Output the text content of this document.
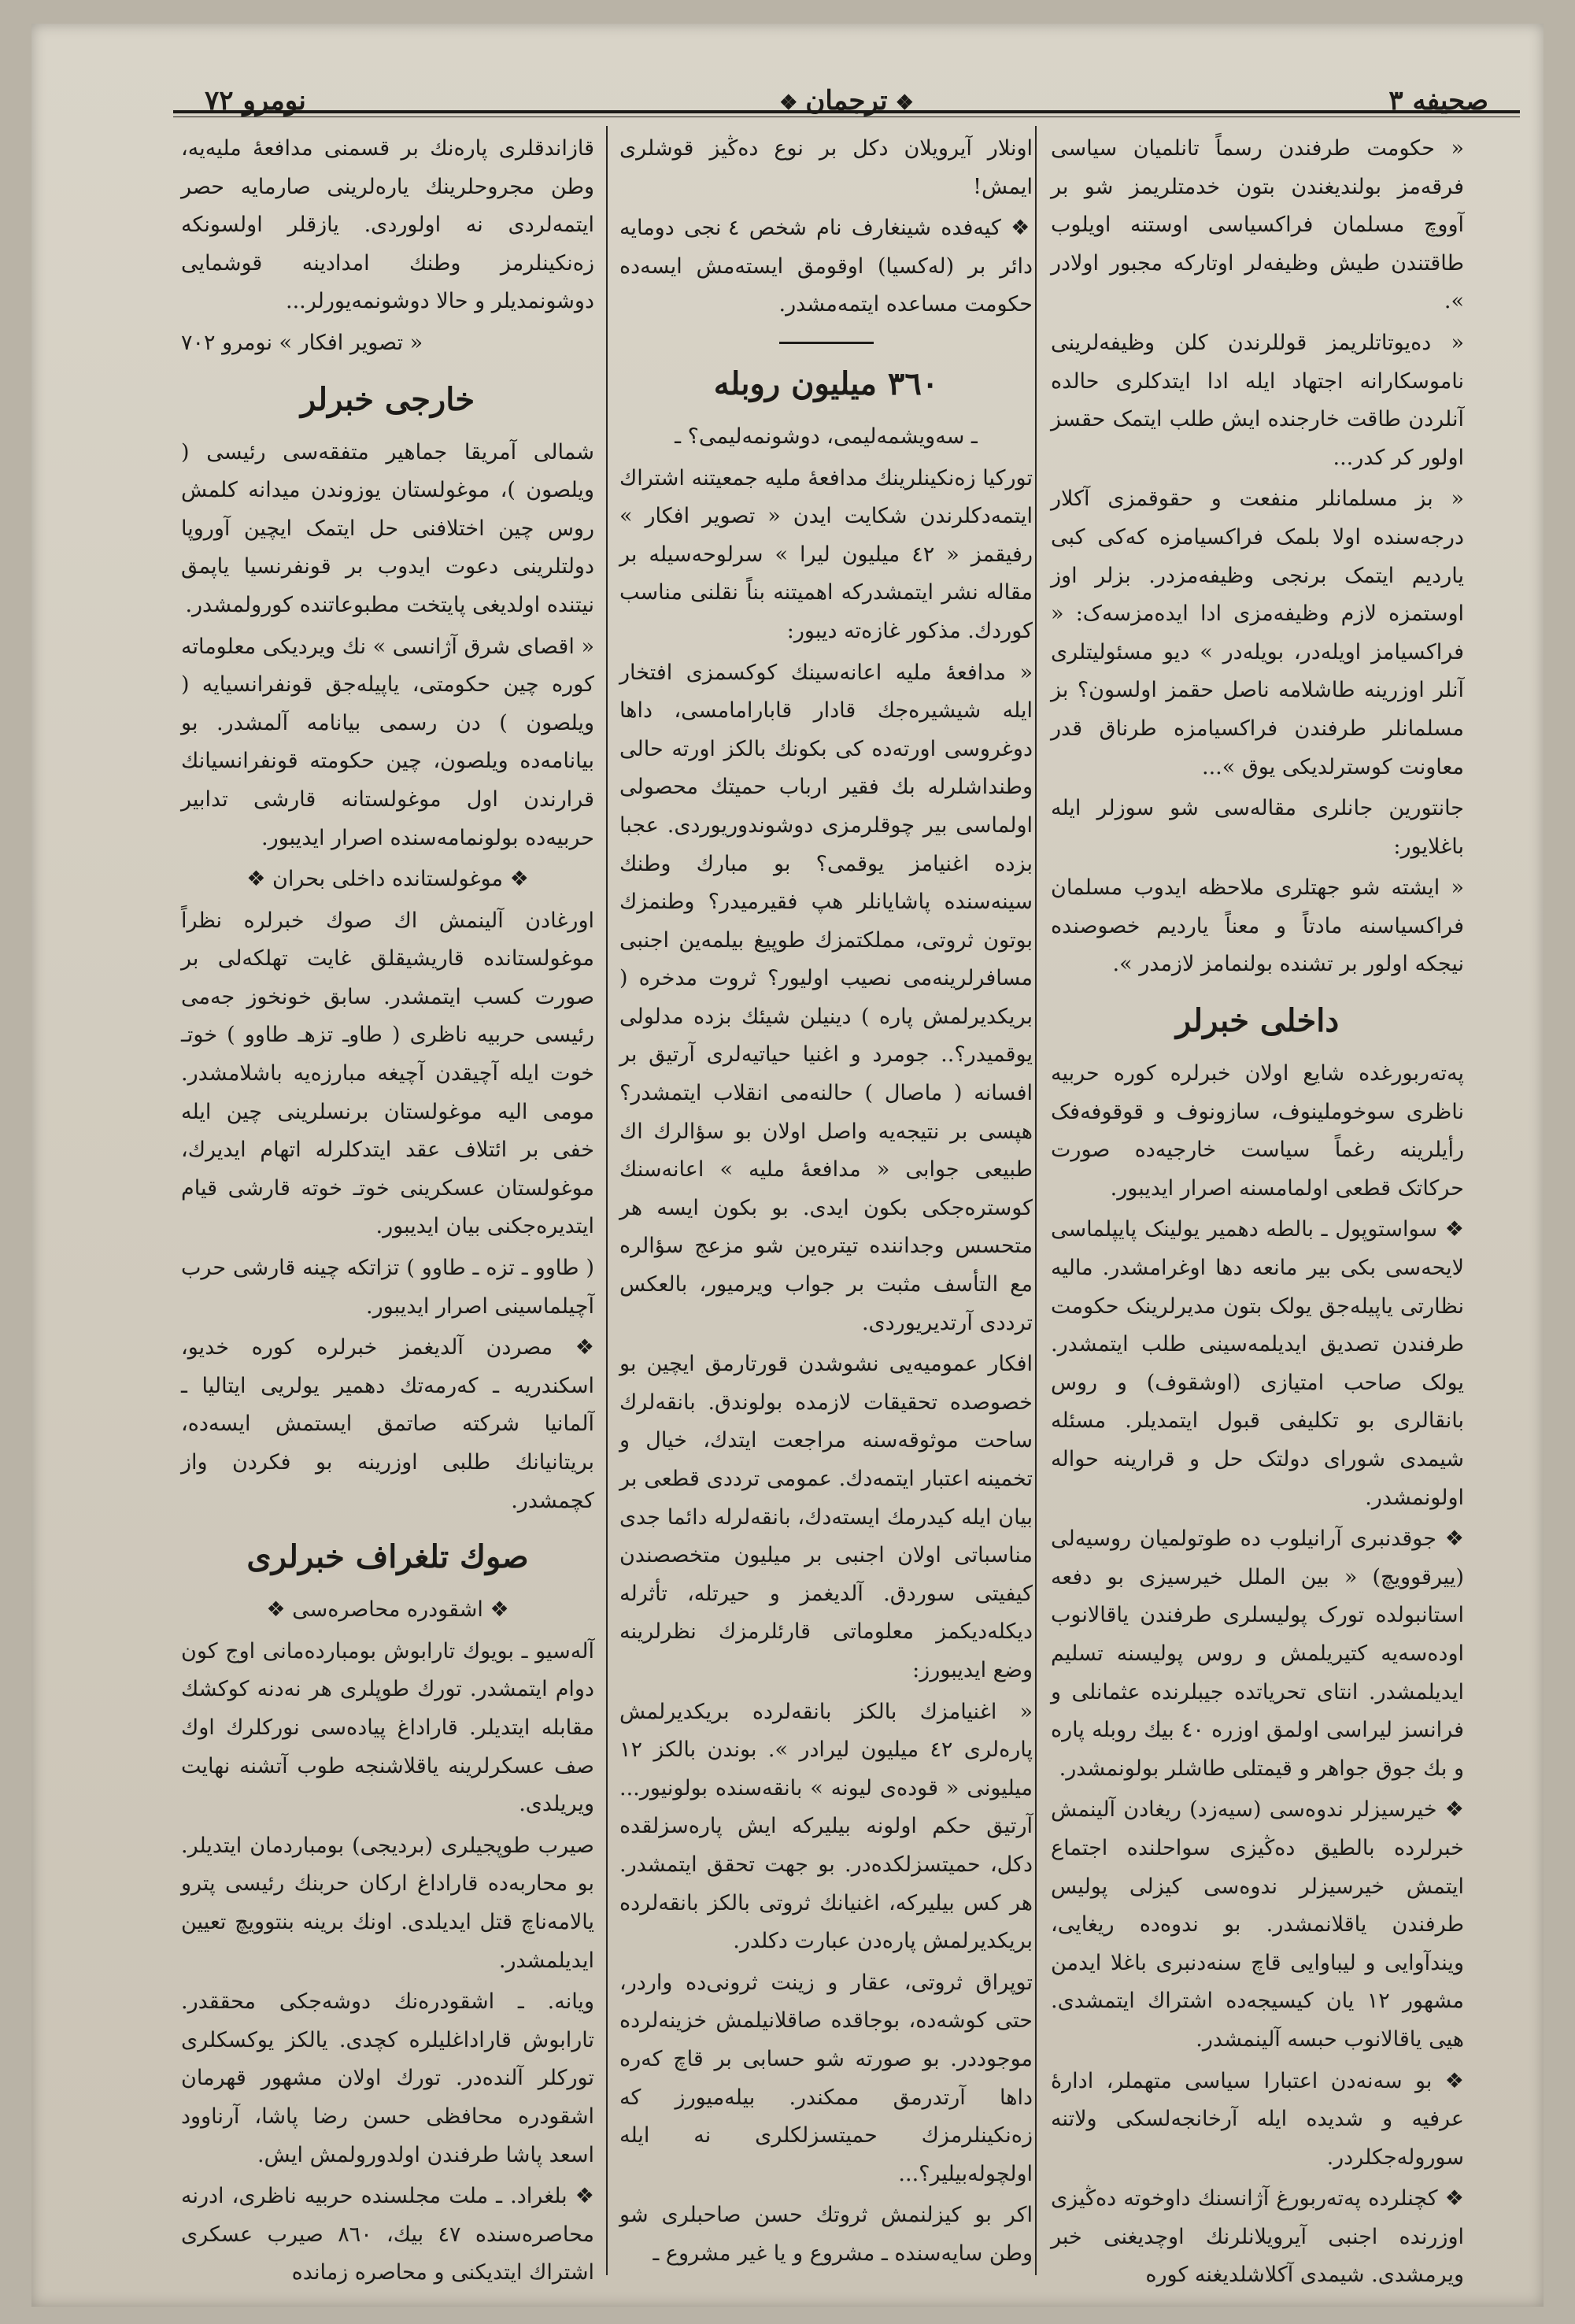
صحیفه ۳
❖ترجمان❖
نومرو ۷۲

« حکومت طرفندن رسماً تانلمیان سیاسی فرقه‌مز بولندیغندن بتون خدمتلریمز شو بر آووچ مسلمان فراکسیاسی اوستنه اویلوب طاقتندن طیش وظیفه‌لر اوتارکه مجبور اولادر ».

« ده‌یوتاتلریمز قوللرندن کلن وظیفه‌لرینی ناموسکارانه اجتهاد ایله ادا ایتدکلری حالده آنلردن طاقت خارجنده ایش طلب ایتمک حقسز اولور کر کدر...

« بز مسلمانلر منفعت و حقوقمزی آکلار درجه‌سنده اولا بلمک فراکسیامزه که‌کی کبی یاردیم ایتمک برنجی وظیفه‌مزدر. بزلر اوز اوستمزه لازم وظیفه‌مزی ادا ایده‌مزسه‌ک: « فراکسیامز اویله‌در، بویله‌در » دیو مسئولیتلری آنلر اوزرینه طاشلامه ناصل حقمز اولسون؟ بز مسلمانلر طرفندن فراکسیامزه طرناق قدر معاونت کوسترلدیکی یوق »...

جانتورین جانلری مقاله‌سی شو سوزلر ایله باغلایور:

« ایشته شو جهتلری ملاحظه ایدوب مسلمان فراکسیاسنه مادتاً و معناً یاردیم خصوصنده نیجکه اولور بر تشنده بولنمامز لازمدر ».

داخلی خبرلر

پەتەربورغده شایع اولان خبرلره کوره حربیه ناظری سوخوملینوف، سازونوف و قوقوفه‌فک رأیلرینه رغماً سیاست خارجیه‌ده صورت حرکاتک قطعی اولمامسنه اصرار ایدیبور.

❖ سواستوپول ـ بالطه دهمیر یولینک پایپلماسی لایحه‌سی بکی بیر مانعه دها اوغرامشدر. مالیه نظارتی یاپیله‌جق یولک بتون مدیرلرینک حکومت طرفندن تصدیق ایدیلمه‌سینی طلب ایتمشدر. یولک صاحب امتیازی (اوشقوف) و روس بانقالری بو تکلیفی قبول ایتمدیلر. مسئله شیمدی شورای دولتک حل و قرارینه حواله اولونمشدر.

❖ جوقدنبری آرانیلوب ده طوتولمیان روسیه‌لی (ییرقوویچ) « بین الملل خیرسیزی بو دفعه استانبولده تورک پولیسلری طرفندن یاقالانوب اودەسه‌یه کتیریلمش و روس پولیسنه تسلیم ایدیلمشدر. انتای تحریاتده جیبلرنده عثمانلی و فرانسز لیراسی اولمق اوزره ٤٠ بیك روبله پاره و بك جوق جواهر و قیمتلی طاشلر بولونمشدر.

❖ خیرسیزلر ندوه‌سی (سیه‌زد) ریغادن آلینمش خبرلرده بالطیق دەڭیزی سواحلنده اجتماع ایتمش خیرسیزلر ندوه‌سی کیزلی پولیس طرفندن یاقلانمشدر. بو ندوه‌ده ریغایی، ویندآوایی و لیباوایی قاچ سنه‌دنبری باغلا ایدمن مشهور ١٢ یان کیسیجه‌ده اشتراك ایتمشدی. هیی یاقالانوب حبسه آلینمشدر.

❖ بو سه‌نه‌دن اعتبارا سیاسی متهملر، ادارهٔ عرفیه و شدیده ایله آرخانجه‌لسکی ولاتنه سوروله‌جکلردر.

❖ کچنلرده پەتەربورغ آژانسنك داوخوته دە‌ڭیزی اوزرنده اجنبی آیرویلانلرنك اوچدیغنی خبر ویرمشدی. شیمدی آکلاشلدیغنه کوره

اونلار آیرویلان دکل بر نوع دەڭیز قوشلری ایمش!

❖ کیه‌فده شینغارف نام شخص ٤ نجی دومایه دائر بر (له‌کسیا) اوقومق ایستەمش ایسه‌ده حکومت مساعده ایتمه‌مشدر.

٣٦٠ میلیون روبله

ـ سه‌ویشمه‌لیمی، دوشونمه‌لیمی؟ ـ

تورکیا زەنکینلرینك مدافعهٔ ملیه جمعیتنه اشتراك ایتمەدکلرندن شکایت ایدن « تصویر افکار » رفیقمز « ٤٢ میلیون لیرا » سرلوحه‌سیله بر مقاله نشر ایتمشدرکه اهمیتنه بنا‌ً نقلنی مناسب کوردك. مذکور غازەته دیبور:

« مدافعهٔ ملیه اعانه‌سینك کوکسمزی افتخار ایله شیشیره‌جك قادار قابارامامسی، داها دوغروسی اورته‌ده کی بکونك بالکز اورته حالی وطنداشلرله بك فقیر ارباب حمیتك محصولی اولماسی بیر چوقلرمزی دوشوندوریوردی. عجبا بزده اغنیامز یوقمی؟ بو مبارك وطنك سینه‌سنده پاشایانلر هپ فقیرمیدر؟ وطنمزك بوتون ثروتی، مملکتمزك طوپیغ بیلمه‌ین اجنبی مسافرلرینه‌می نصیب اولیور؟ ثروت مدخره ( بریکدیرلمش پاره ) دینیلن شیئك بزده مدلولی یوقمیدر؟.. جومرد و اغنیا حیاتیه‌لری آرتیق بر افسانه ( ماصال ) حالنه‌می انقلاب ایتمشدر؟ هپسی بر نتیجه‌یه واصل اولان بو سؤالرك اك طبیعی جوابی « مدافعهٔ ملیه » اعانه‌سنك کوستره‌جکی بکون ایدی. بو بکون ایسه هر متحسس وجداننده تیتره‌ین شو مزعج سؤالره مع التأسف مثبت بر جواب ویرمیور، بالعکس ترددی آرتدیریوردی.

افکار عمومیه‌یی نشوشدن قورتارمق ایچین بو خصوصده تحقیقات لازمده بولوندق. بانقه‌لرك ساحت موثوقه‌سنه مراجعت ایتدك، خیال و تخمینه اعتبار ایتمه‌دك. عمومی ترددی قطعی بر بیان ایله کیدرمك ایسته‌دك، بانقه‌لرله دائما جدی مناسباتی اولان اجنبی بر میلیون متخصصندن کیفیتی سوردق. آلدیغمز و حیرتله، تأثرله دیکله‌دیکمز معلوماتی قارئلرمزك نظرلرینه وضع ایدیبورز:

« اغنیامزك بالکز بانقه‌لرده بریکدیرلمش پاره‌لری ٤٢ میلیون لیرادر ». بوندن بالکز ١٢ میلیونی « قوده‌ی لیونه » بانقه‌سنده بولونیور... آرتیق حکم اولونه بیلیرکه ایش پاره‌سزلقده دکل، حمیتسزلکده‌در. بو جهت تحقق ایتمشدر. هر کس بیلیرکه، اغنیانك ثروتی بالکز بانقه‌لرده بریکدیرلمش پاره‌دن عبارت دکلدر.

توپراق ثروتی، عقار و زینت ثرونی‌ده واردر، حتی کوشه‌ده، بوجاقده صاقلانیلمش خزینه‌لرده موجوددر. بو صورته شو حسابی بر قاچ که‌ره داها آرتدرمق ممکندر. بیله‌میورز که زەنکینلرمزك حمیتسزلکلری نه ایله اولچوله‌بیلیر؟...

اکر بو کیزلنمش ثروتك حسن صاحبلری شو وطن سایه‌سنده ـ مشروع و یا غیر مشروع ـ

قازاندقلری پاره‌نك بر قسمنی مدافعهٔ ملیه‌یه، وطن مجروحلرینك یاره‌لرینی صارمایه حصر ایتمه‌لردی نه اولوردی. یازقلر اولسونکه زەنکینلرمز وطنك امدادینه قوشمایی دوشونمدیلر و حالا دوشونمه‌یورلر...

« تصویر افکار » نومرو ٧٠٢

خارجی خبرلر

شمالی آمریقا جماهیر متفقه‌سی رئیسی ( ویلصون )، موغولستان یوزوندن میدانه کلمش روس چین اختلافنی حل ایتمک ایچین آوروپا دولتلرینی دعوت ایدوب بر قونفرنسیا یاپمق نیتنده اولدیغی پایتخت مطبوعاتنده کورولمشدر.

« اقصای شرق آژانسی » نك ویردیکی معلوماته کوره چین حکومتی، یاپیله‌جق قونفرانسیایه ( ویلصون ) دن رسمی بیانامه آلمشدر. بو بیانامه‌ده ویلصون، چین حکومته قونفرانسیانك قرارندن اول موغولستانه قارشی تدابیر حربیه‌ده بولونمامه‌سنده اصرار ایدیبور.

❖ موغولستانده داخلی بحران ❖

اورغادن آلینمش اك صوك خبرلره نظراً موغولستانده قاریشیقلق غایت تهلکه‌لی بر صورت کسب ایتمشدر. سابق خونخوز جه‌می رئیسی حربیه ناظری ( طاوـ تزهـ طاوو ) خوتـ خوت ایله آچیقدن آچیغه مبارزه‌یه باشلامشدر. مومی الیه موغولستان برنسلرینی چین ایله خفی بر ائتلاف عقد ایتدکلرله اتهام ایدیرك، موغولستان عسکرینی خوتـ خوته قارشی قیام ایتدیره‌جکنی بیان ایدیبور.

( طاوو ـ تزه ـ طاوو ) تزاتکه چینه قارشی حرب آچیلماسینی اصرار ایدیبور.

❖ مصردن آلدیغمز خبرلره کوره خدیو، اسکندریه ـ که‌رمه‌تك دهمیر یولریی ایتالیا ـ آلمانیا شرکته صاتمق ایستمش ایسه‌ده، بریتانیانك طلبی اوزرینه بو فکردن واز کچمشدر.

صوك تلغراف خبرلری

❖ اشقودره محاصره‌سی ❖

آلەسیو ـ بویوك تارابوش بومبارده‌مانی اوج کون دوام ایتمشدر. تورك طوپلری هر نه‌دنه کوکشك مقابله ایتدیلر. قاراداغ پیاده‌سی نورکلرك اوك صف عسکرلرینه یاقلاشنجه طوب آتشنه نهایت ویریلدی.

صیرب طوپجیلری (بردیجی) بومباردمان ایتدیلر. بو محاربه‌ده قاراداغ ارکان حربنك رئیسی پترو یالامه‌ناچ قتل ایدیلدی. اونك برینه بنتوویچ تعیین ایدیلمشدر.

ویانه. ـ اشقودره‌نك دوشه‌جکی محققدر. تارابوش قاراداغلیلره کچدی. یالکز یوکسکلری تورکلر آلندەدر. تورك اولان مشهور قهرمان اشقودره محافظی حسن رضا پاشا، آرناوود اسعد پاشا طرفندن اولدورولمش ایش.

❖ بلغراد. ـ ملت مجلسنده حربیه ناظری، ادرنه محاصره‌سنده ٤٧ بیك، ٨٦٠ صیرب عسکری اشتراك ایتدیکنی و محاصره زمانده
